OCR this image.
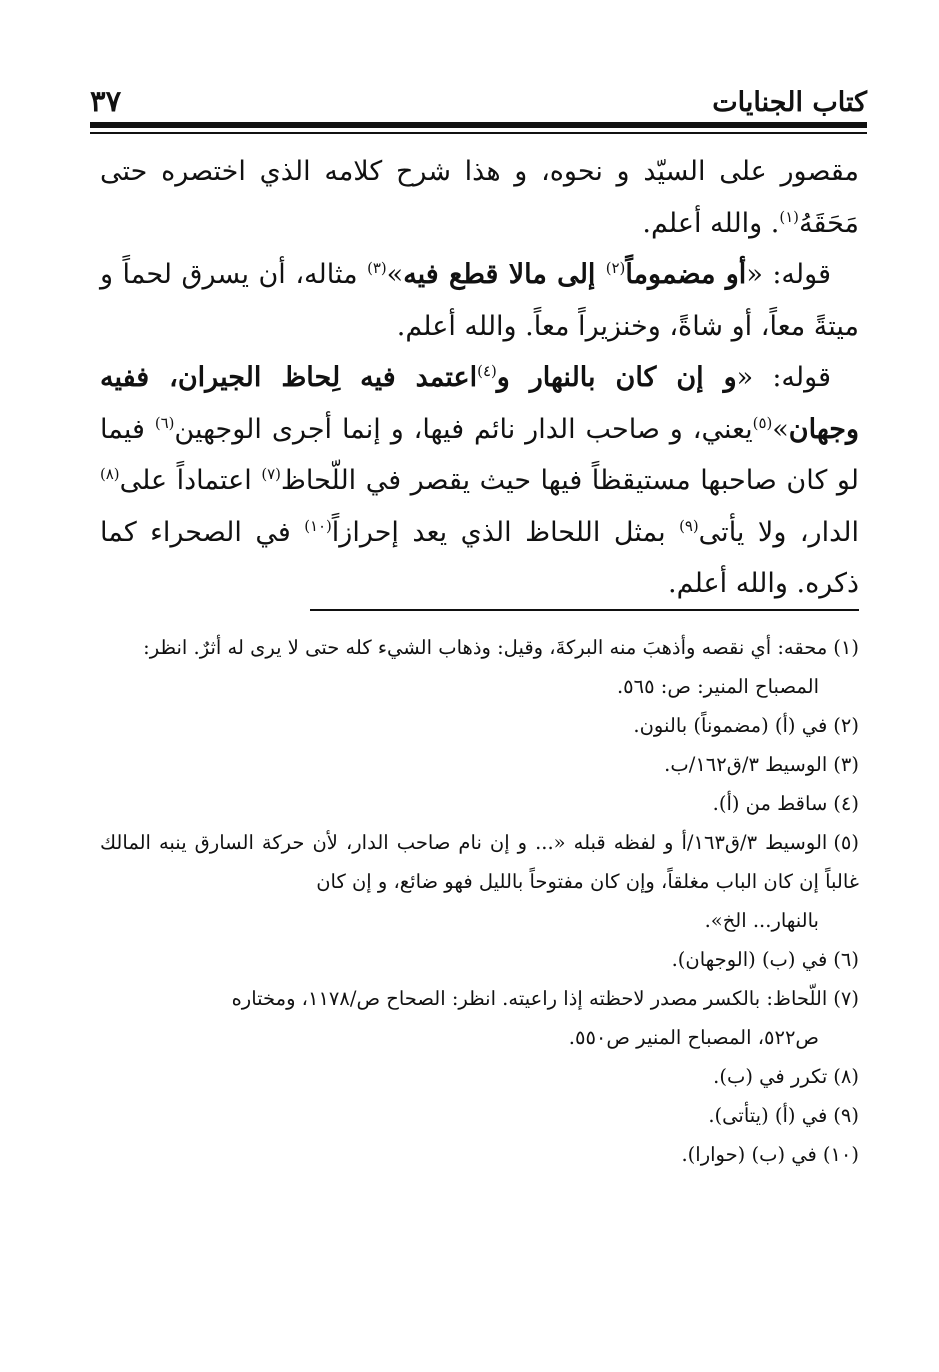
كتاب الجنايات
٣٧

مقصور على السيّد و نحوه، و هذا شرح كلامه الذي اختصره حتى مَحَقَهُ$^{(١)}$. والله أعلم.

قوله: «أو مضموماً$^{(٢)}$ إلى مالا قطع فيه»$^{(٣)}$ مثاله، أن يسرق لحماً و ميتةً معاً، أو شاةً، وخنزيراً معاً. والله أعلم.

قوله: «و إن كان بالنهار و$^{(٤)}$اعتمد فيه لِحاظ الجيران، ففيه وجهان»$^{(٥)}$يعني، و صاحب الدار نائم فيها، و إنما أجرى الوجهين$^{(٦)}$ فيما لو كان صاحبها مستيقظاً فيها حيث يقصر في اللّحاظ$^{(٧)}$ اعتماداً على$^{(٨)}$ الدار، ولا يأتى$^{(٩)}$ بمثل اللحاظ الذي يعد إحرازاً$^{(١٠)}$ في الصحراء كما ذكره. والله أعلم.

(١)محقه: أي نقصه وأذهبَ منه البركةَ، وقيل: وذهاب الشيء كله حتى لا يرى له أثرٌ. انظر:
المصباح المنير: ص: ٥٦٥.

(٢)في (أ) (مضموناً) بالنون.

(٣)الوسيط ٣/ق١٦٢/ب.

(٤)ساقط من (أ).

(٥)الوسيط ٣/ق١٦٣/أ و لفظه قبله «... و إن نام صاحب الدار، لأن حركة السارق ينبه المالك غالباً إن كان الباب مغلقاً، وإن كان مفتوحاً بالليل فهو ضائع، و إن كان
بالنهار... الخ».

(٦)في (ب) (الوجهان).

(٧)اللّحاظ: بالكسر مصدر لاحظته إذا راعيته. انظر: الصحاح ص/١١٧٨، ومختاره
ص٥٢٢، المصباح المنير ص٥٥٠.

(٨)تكرر في (ب).

(٩)في (أ) (يتأتى).

(١٠)في (ب) (حوارا).
